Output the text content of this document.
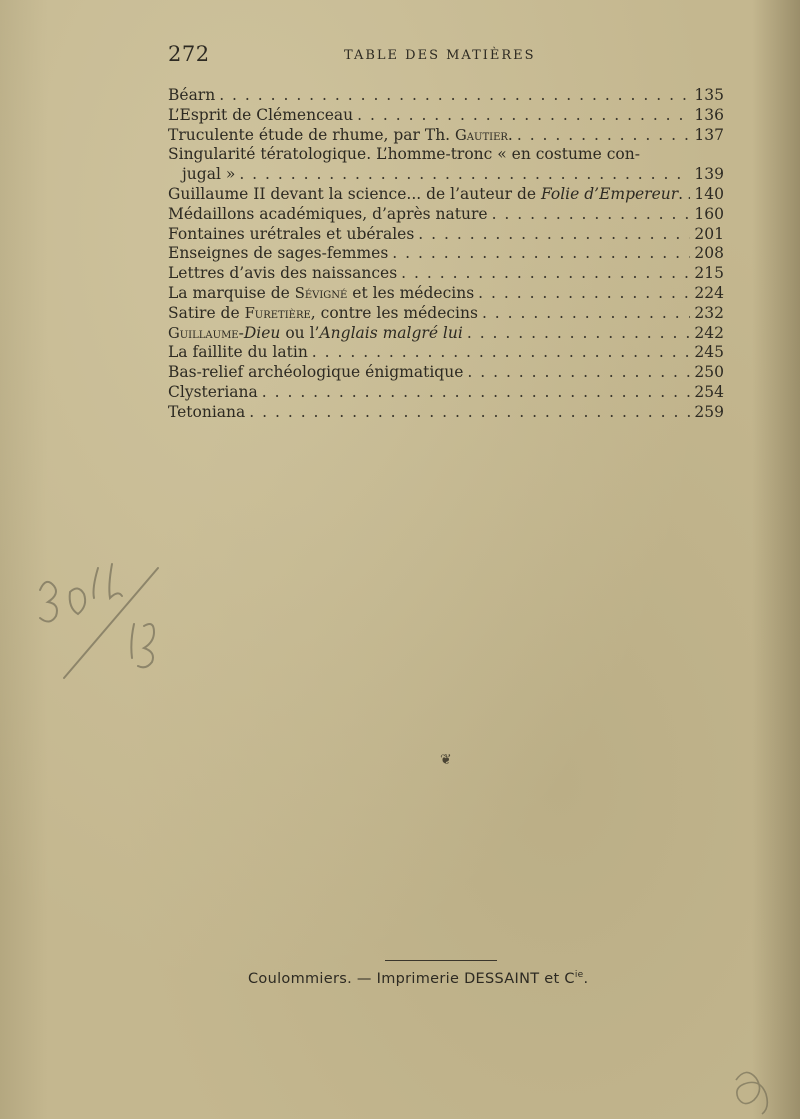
272	TABLE DES MATIÈRES
Béarn . . .	135
L’Esprit de Clémenceau . . .	136
Truculente étude de rhume, par Th. Gautier. . . .	137
Singularité tératologique. L’homme-tronc « en costume con-
jugal » . . .	139
Guillaume II devant la science... de l’auteur de Folie d’Empereur. . . . 140
Médaillons académiques, d’après nature . . .	160
Fontaines urétrales et ubérales . . .	201
Enseignes de sages-femmes . . .	208
Lettres d’avis des naissances . . .	215
La marquise de Sévigné et les médecins . . .	224
Satire de Furetière, contre les médecins . . .	232
Guillaume-Dieu ou l’Anglais malgré lui . . .	242
La faillite du latin . . .	245
Bas-relief archéologique énigmatique . . .	250
Clysteriana . . .	254
Tetoniana . . .	259
❦
Coulommiers. — Imprimerie DESSAINT et $C^{ie}$.
